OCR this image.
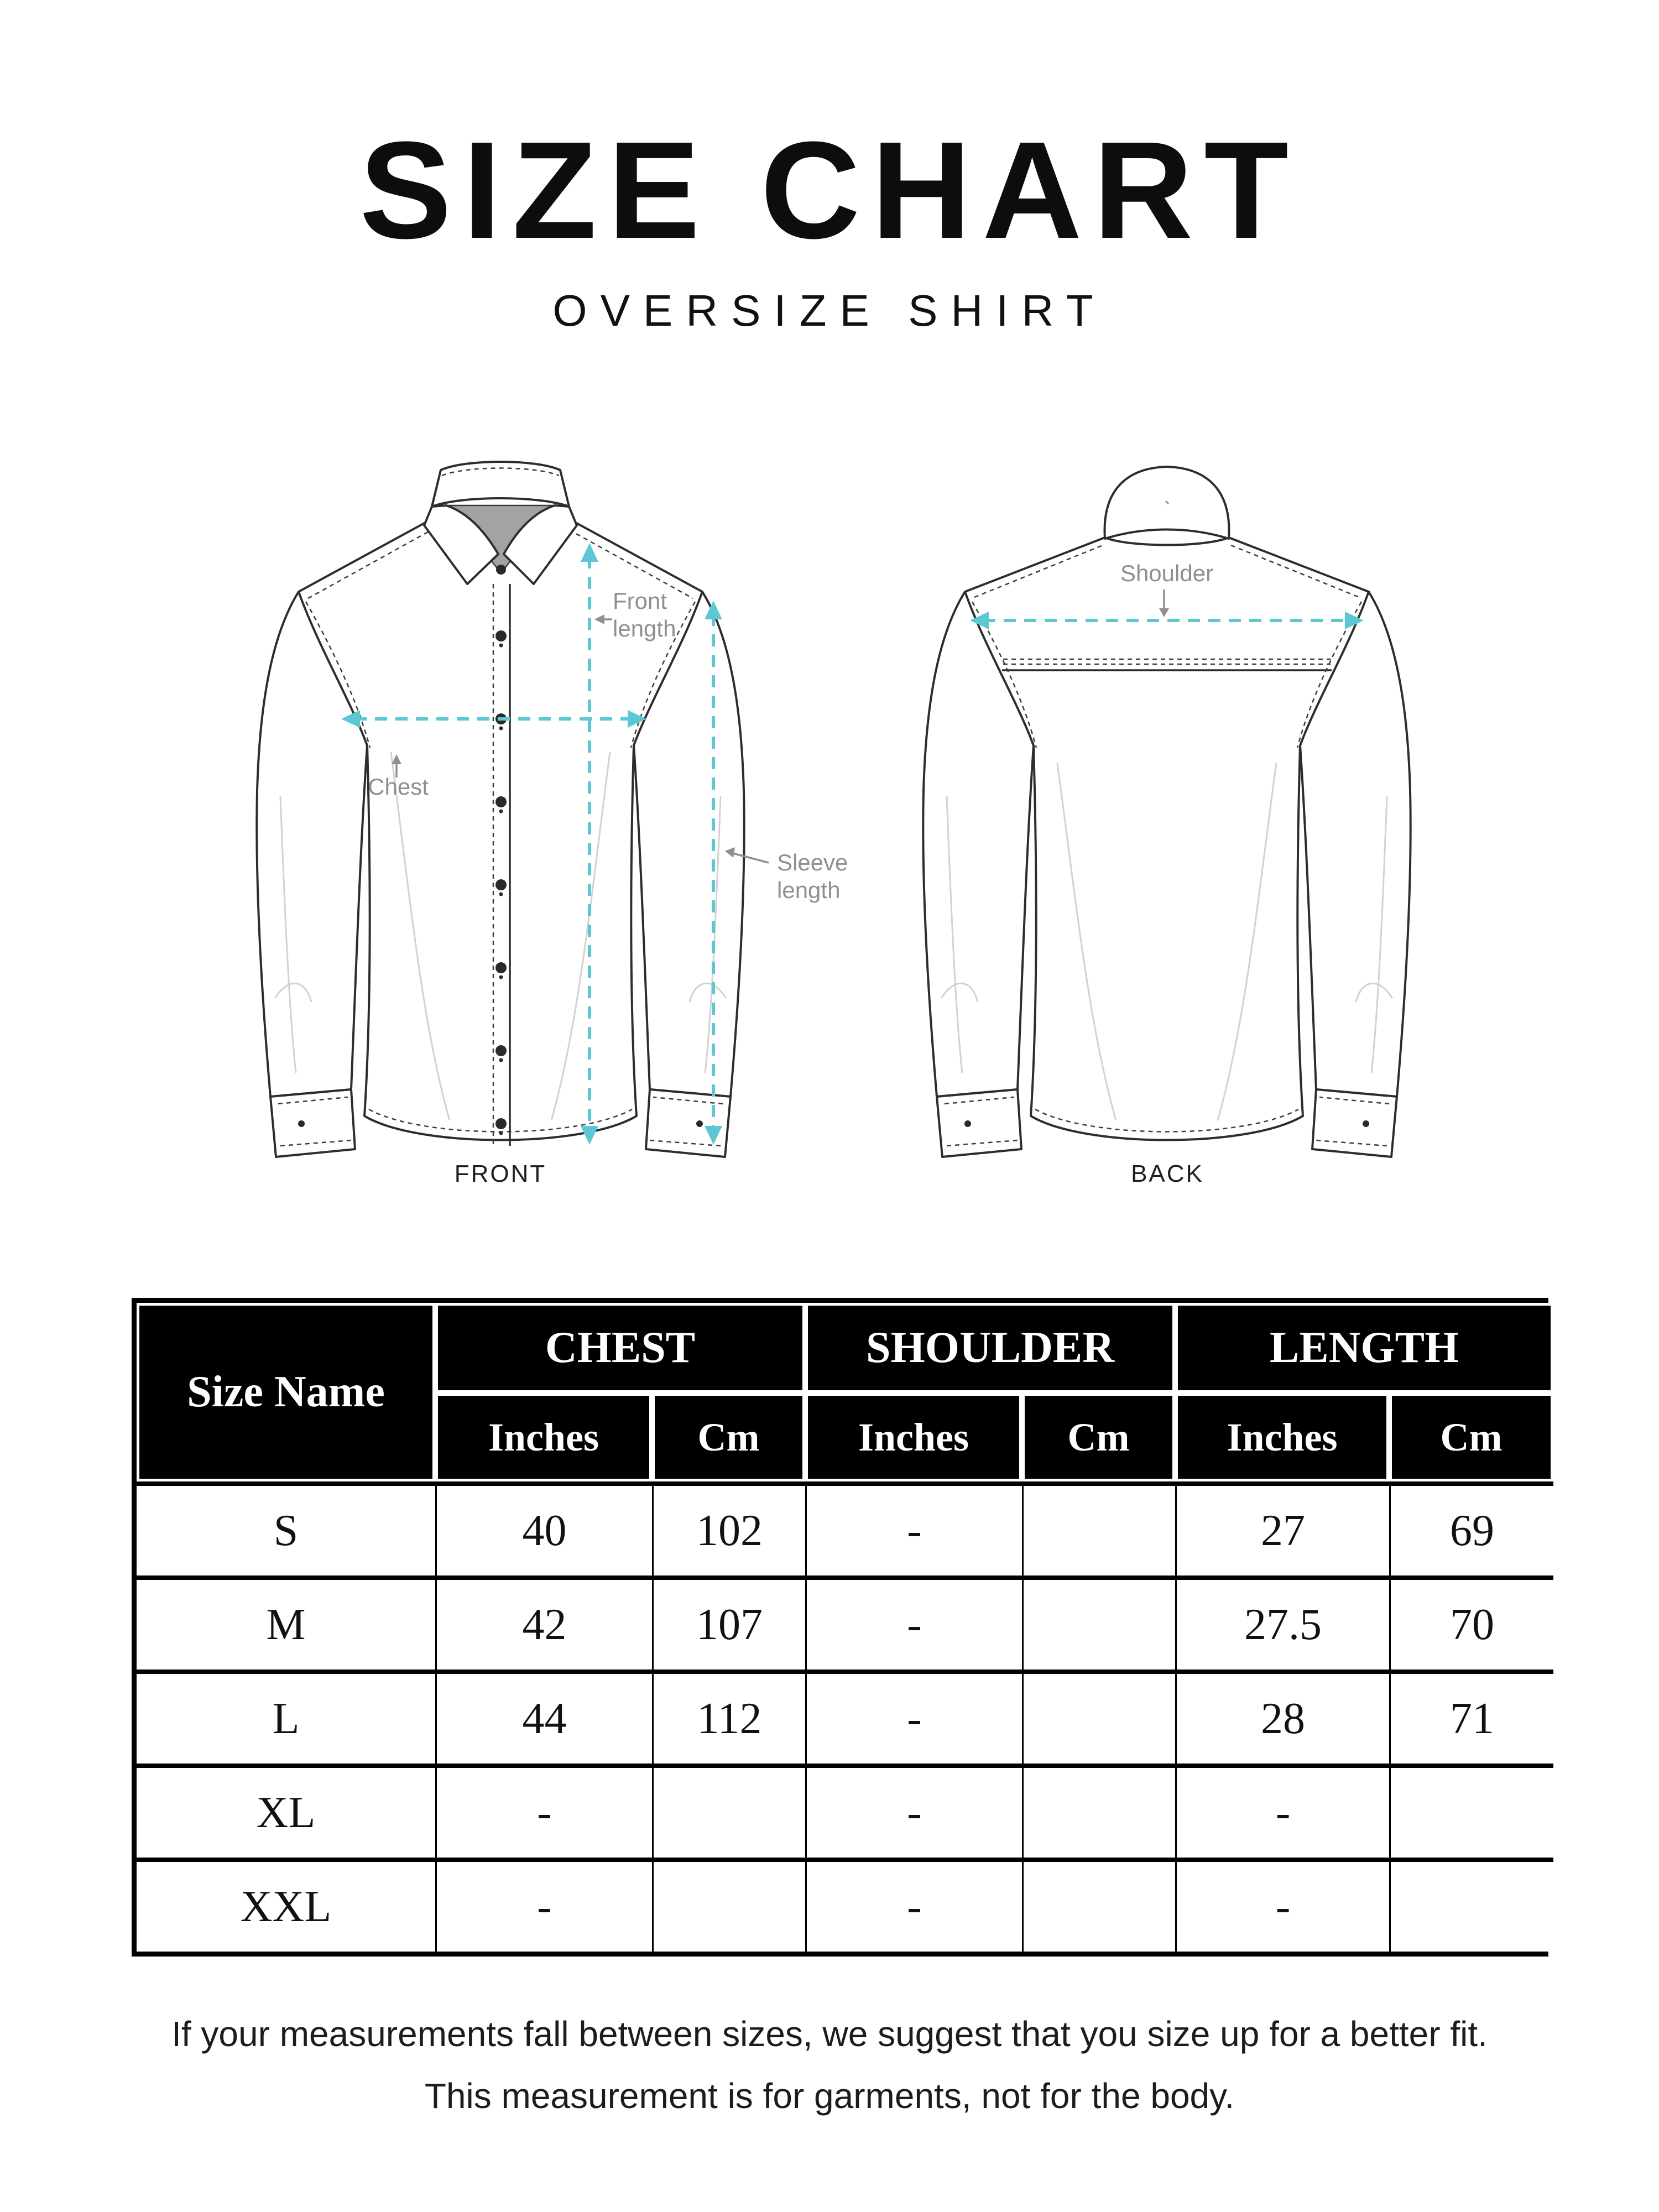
SIZE CHART
OVERSIZE SHIRT
Front length
Chest
Sleeve length
Shoulder
FRONT	BACK
Size Name	CHEST		SHOULDER		LENGTH	
	Inches	Cm	Inches	Cm	Inches	Cm
S	40	102	-		27	69
M	42	107	-		27.5	70
L	44	112	-		28	71
XL	-		-		-	
XXL	-		-		-	
If your measurements fall between sizes, we suggest that you size up for a better fit.
This measurement is for garments, not for the body.
